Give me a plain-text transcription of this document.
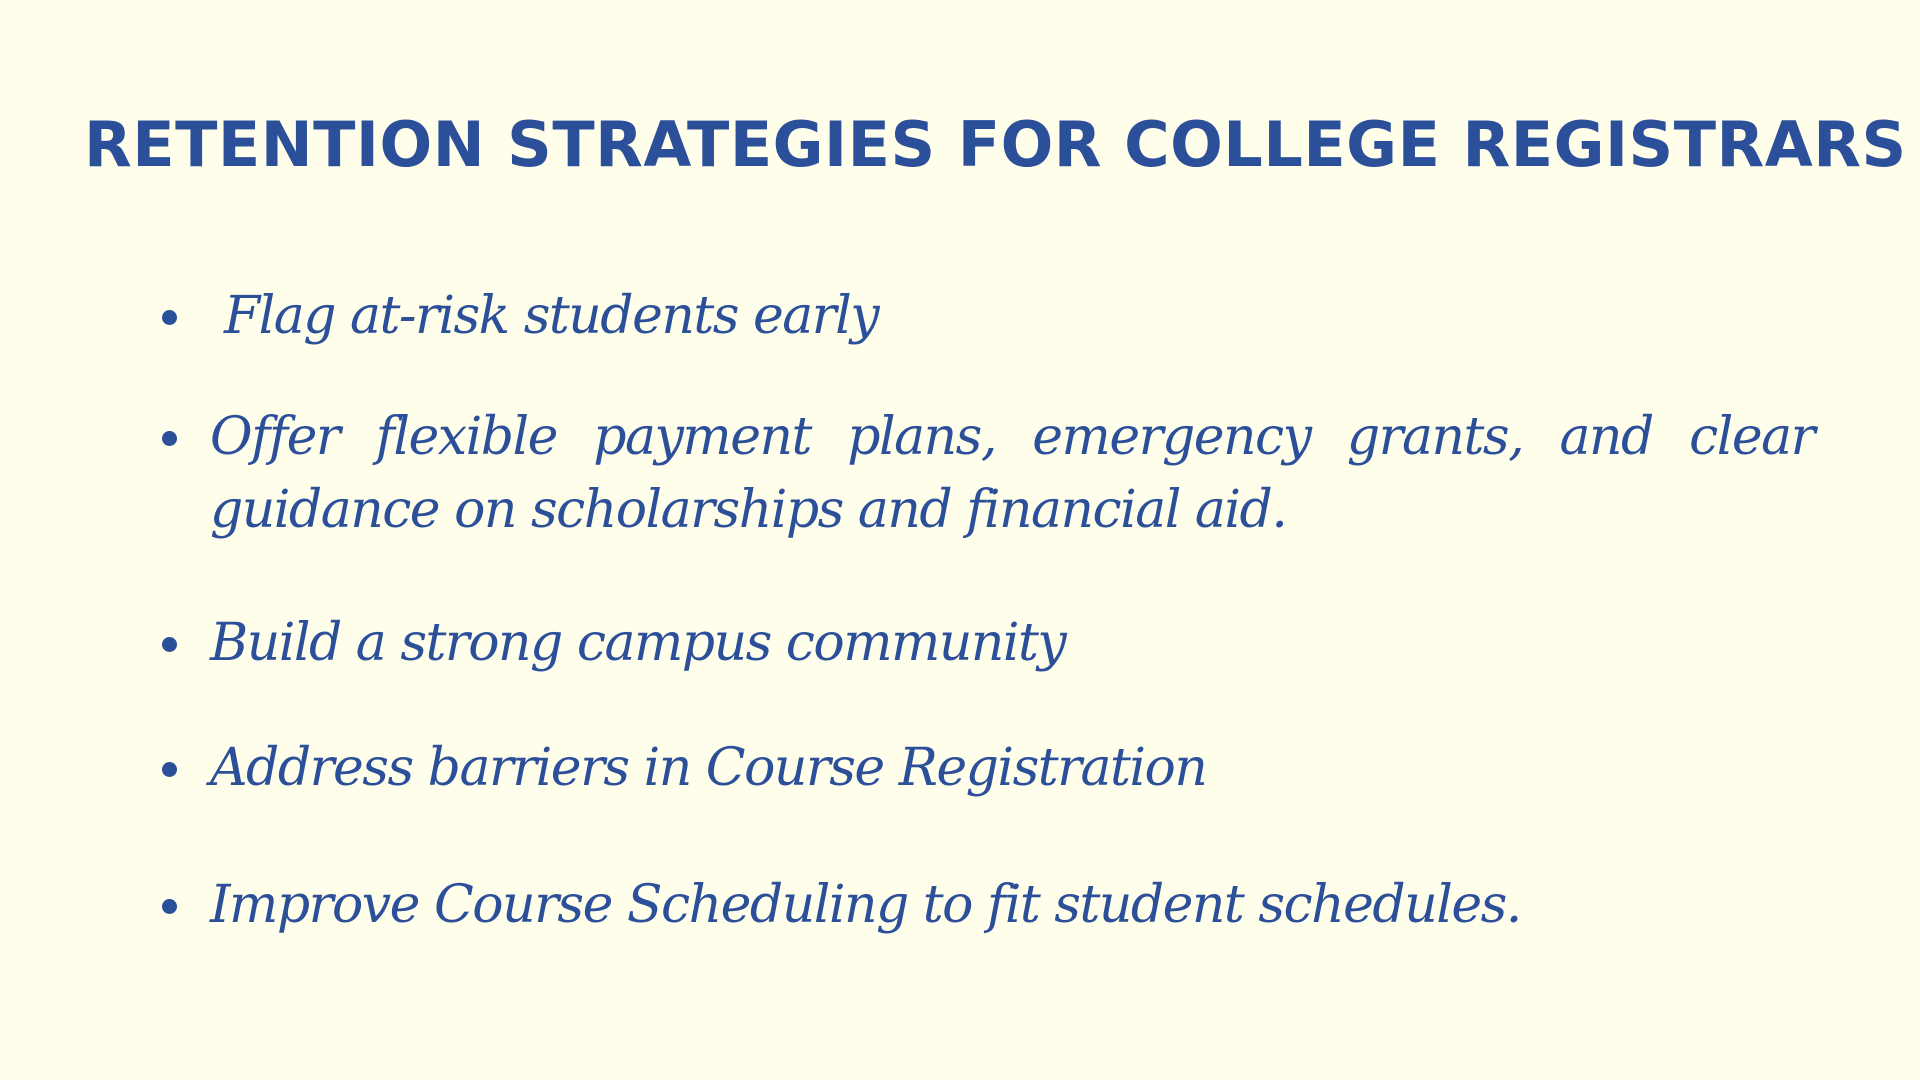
RETENTION STRATEGIES FOR COLLEGE REGISTRARS
Flag at-risk students early
Offer flexible payment plans, emergency grants, and clear guidance on scholarships and financial aid.
Build a strong campus community
Address barriers in Course Registration
Improve Course Scheduling to fit student schedules.
